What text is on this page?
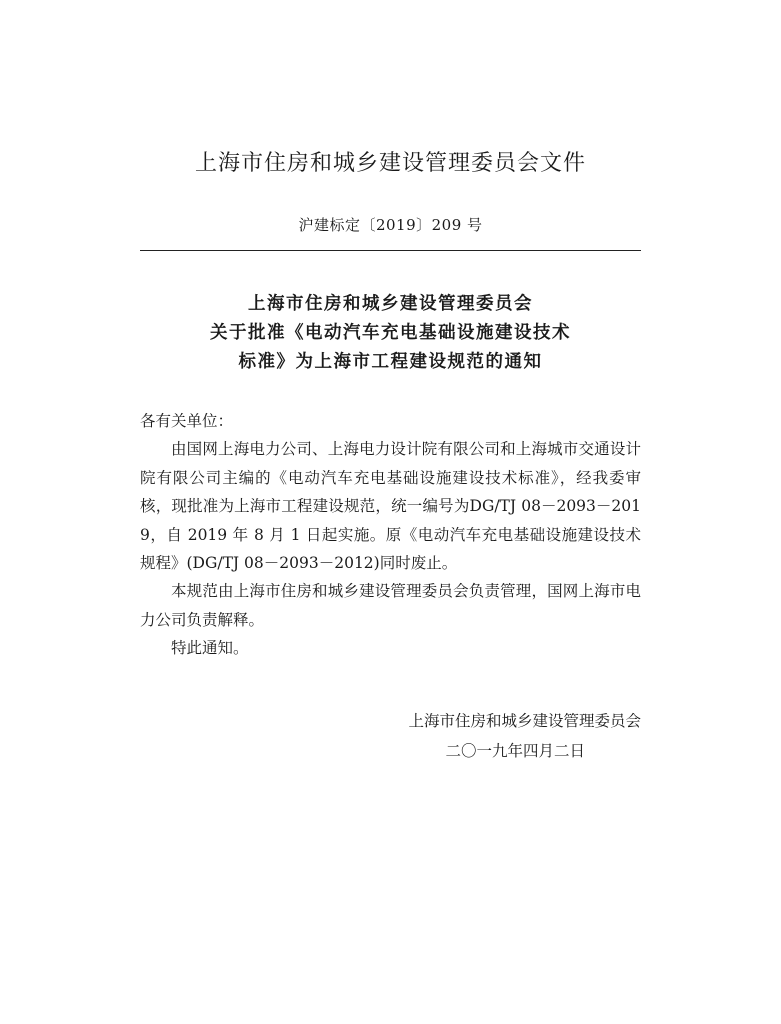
上海市住房和城乡建设管理委员会文件
沪建标定〔2019〕209 号
上海市住房和城乡建设管理委员会
关于批准《电动汽车充电基础设施建设技术
标准》为上海市工程建设规范的通知

各有关单位：

由国网上海电力公司、上海电力设计院有限公司和上海城市交通设计院有限公司主编的《电动汽车充电基础设施建设技术标准》，经我委审核，现批准为上海市工程建设规范，统一编号为DG/TJ 08－2093－2019，自 2019 年 8 月 1 日起实施。原《电动汽车充电基础设施建设技术规程》(DG/TJ 08－2093－2012)同时废止。

本规范由上海市住房和城乡建设管理委员会负责管理，国网上海市电力公司负责解释。

特此通知。

上海市住房和城乡建设管理委员会
二〇一九年四月二日
